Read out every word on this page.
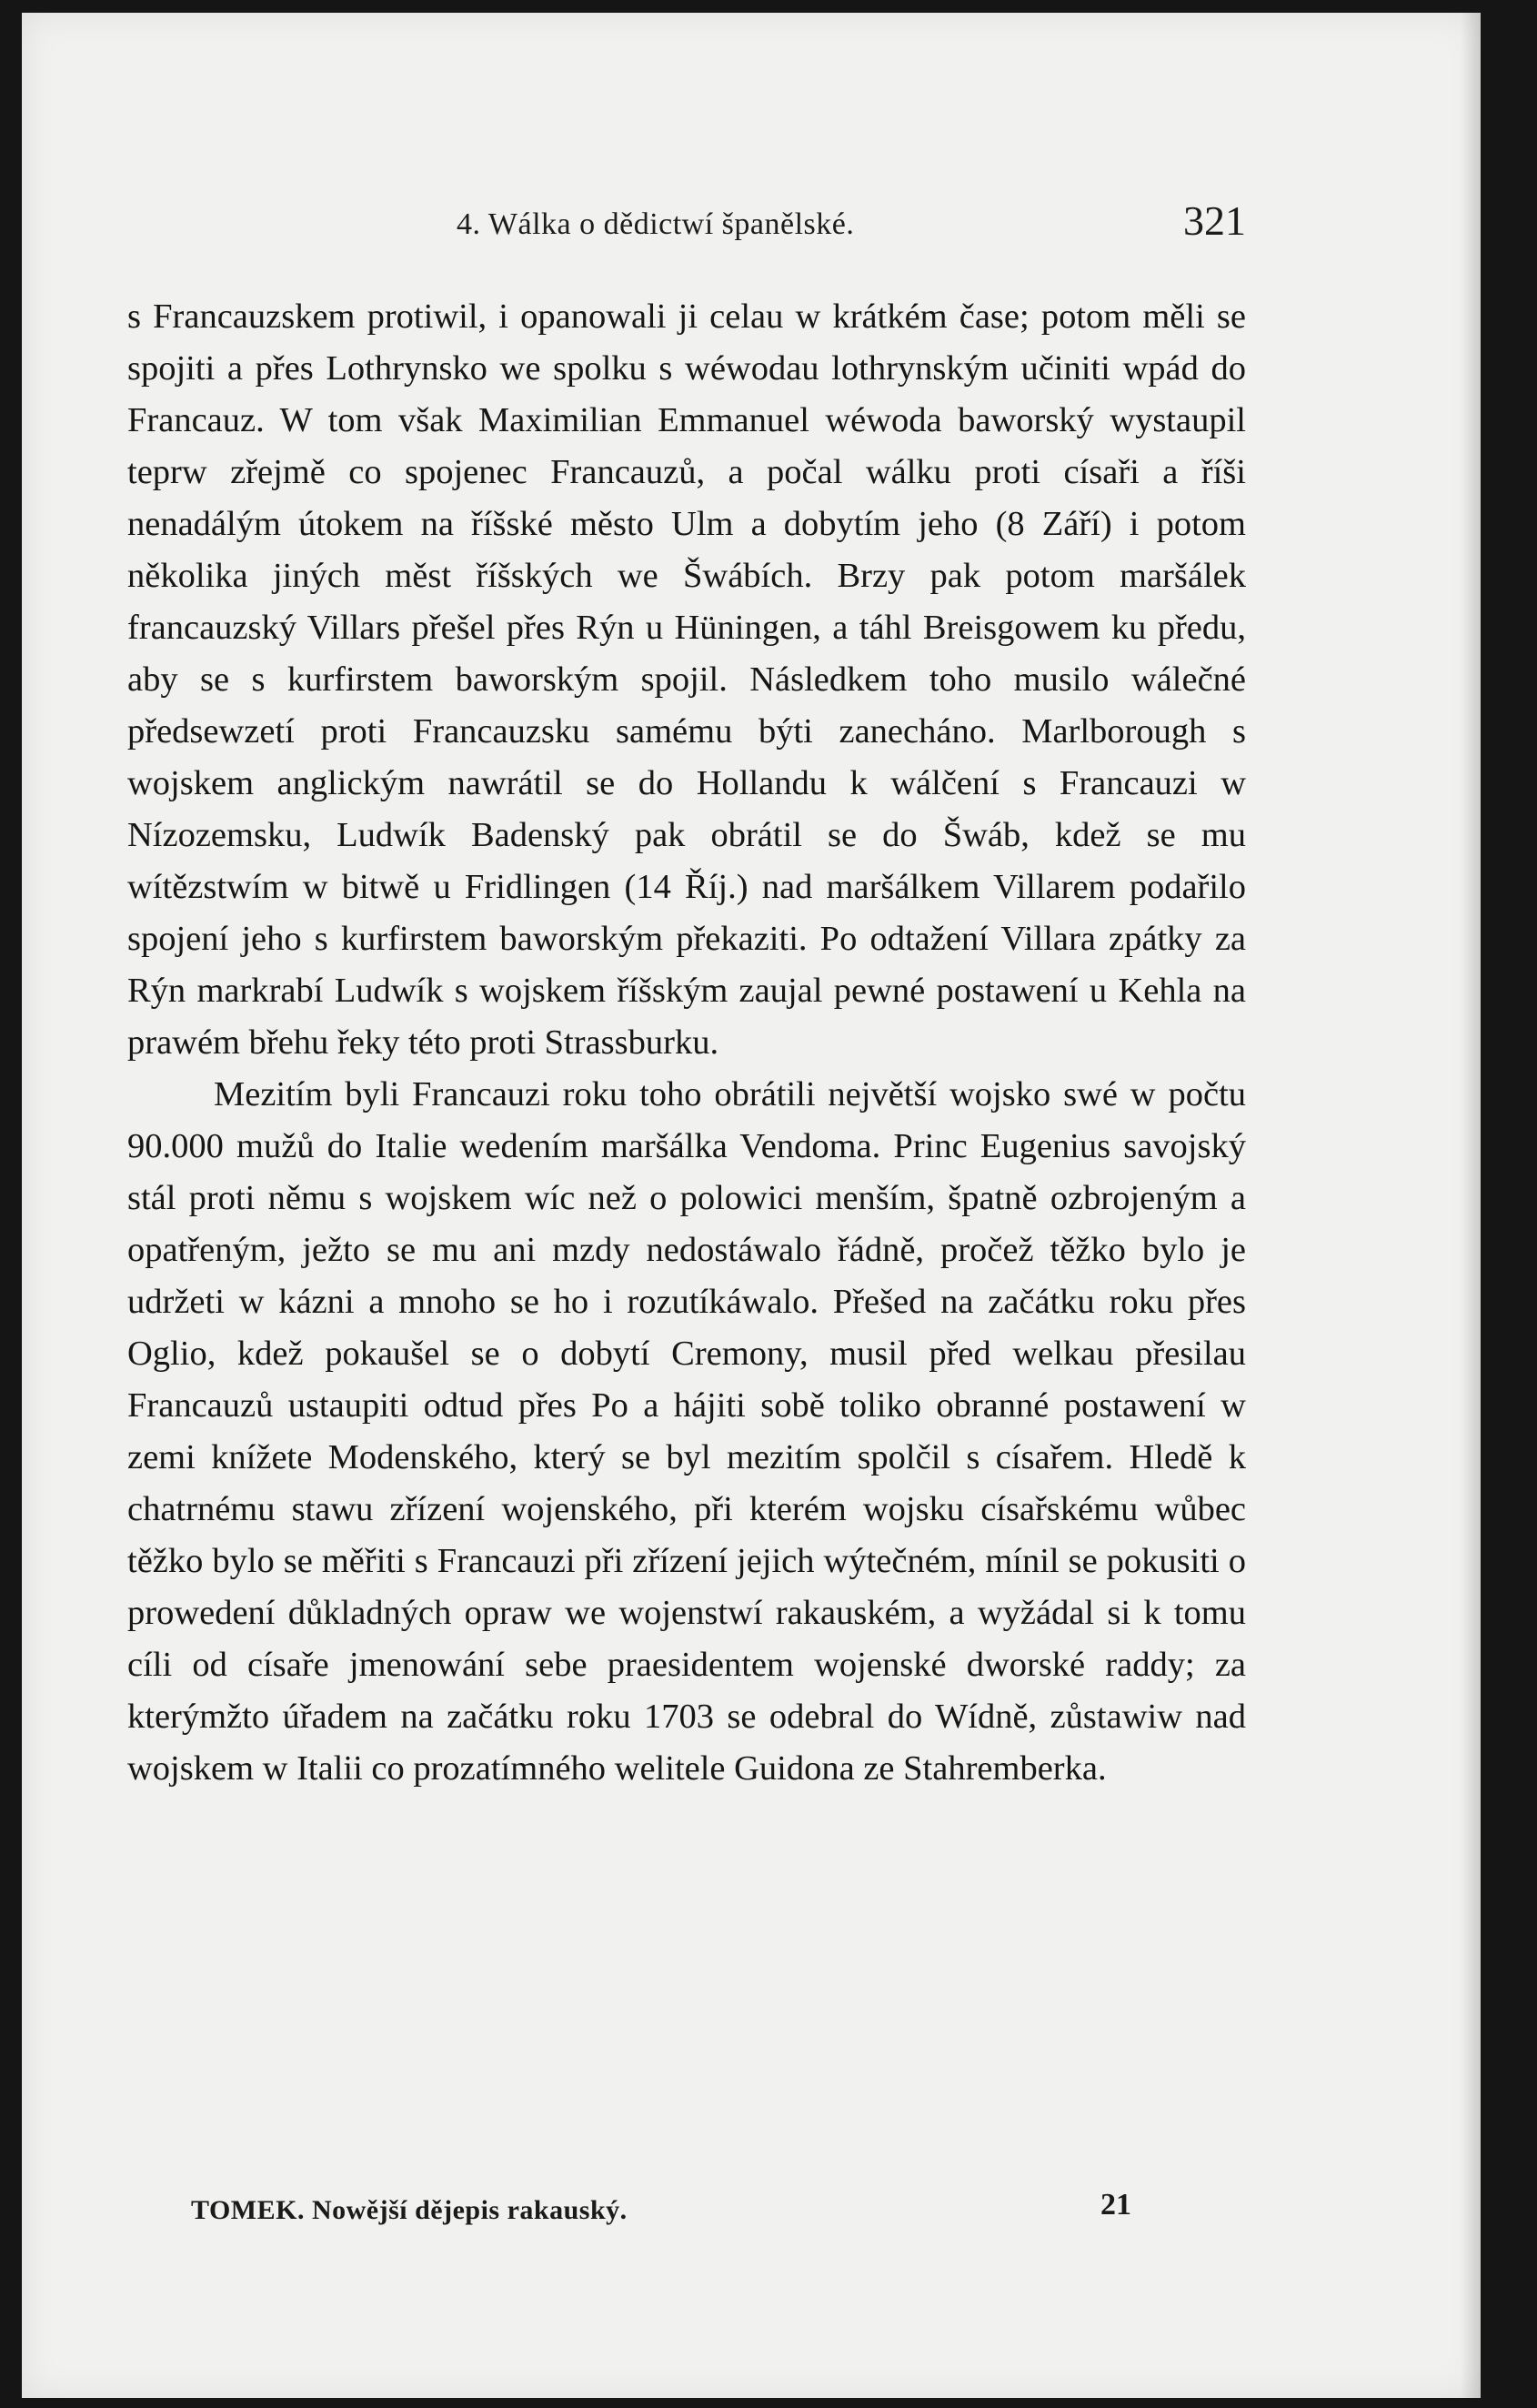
4. Wálka o dědictwí španělské.	321

s Francauzskem protiwil, i opanowali ji celau w krátkém čase; potom měli se spojiti a přes Lothrynsko we spolku s wéwodau lothrynským učiniti wpád do Francauz. W tom však Maximilian Emmanuel wéwoda baworský wystaupil teprw zřejmě co spojenec Francauzů, a počal wálku proti císaři a říši nenadálým útokem na říšské město Ulm a dobytím jeho (8 Září) i potom několika jiných měst říšských we Šwábích. Brzy pak potom maršálek francauzský Villars přešel přes Rýn u Hüningen, a táhl Breisgowem ku předu, aby se s kurfirstem baworským spojil. Následkem toho musilo wálečné předsewzetí proti Francauzsku samému býti zanecháno. Marlborough s wojskem anglickým nawrátil se do Hollandu k wálčení s Francauzi w Nízozemsku, Ludwík Badenský pak obrátil se do Šwáb, kdež se mu wítězstwím w bitwě u Fridlingen (14 Říj.) nad maršálkem Villarem podařilo spojení jeho s kurfirstem baworským překaziti. Po odtažení Villara zpátky za Rýn markrabí Ludwík s wojskem říšským zaujal pewné postawení u Kehla na prawém břehu řeky této proti Strassburku.

Mezitím byli Francauzi roku toho obrátili největší wojsko swé w počtu 90.000 mužů do Italie wedením maršálka Vendoma. Princ Eugenius savojský stál proti němu s wojskem wíc než o polowici menším, špatně ozbrojeným a opatřeným, ježto se mu ani mzdy nedostáwalo řádně, pročež těžko bylo je udržeti w kázni a mnoho se ho i rozutíkáwalo. Přešed na začátku roku přes Oglio, kdež pokaušel se o dobytí Cremony, musil před welkau přesilau Francauzů ustaupiti odtud přes Po a hájiti sobě toliko obranné postawení w zemi knížete Modenského, který se byl mezitím spolčil s císařem. Hledě k chatrnému stawu zřízení wojenského, při kterém wojsku císařskému wůbec těžko bylo se měřiti s Francauzi při zřízení jejich wýtečném, mínil se pokusiti o prowedení důkladných opraw we wojenstwí rakauském, a wyžádal si k tomu cíli od císaře jmenowání sebe praesidentem wojenské dworské raddy; za kterýmžto úřadem na začátku roku 1703 se odebral do Wídně, zůstawiw nad wojskem w Italii co prozatímného welitele Guidona ze Stahremberka.

TOMEK. Nowější dějepis rakauský.	21
